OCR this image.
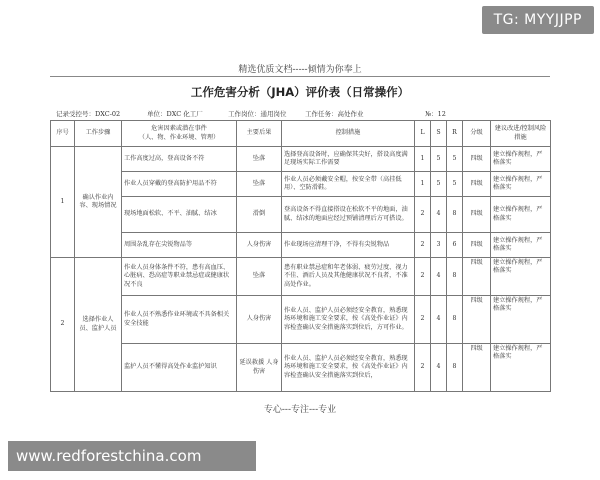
TG: MYYJJPP
精选优质文档-----倾情为你奉上
工作危害分析（JHA）评价表（日常操作）
记录受控号：DXC-02	单位：DXC 化工厂	工作岗位：通用岗位	工作任务：高处作业	№：12
序号	工作步骤	危害因素或潜在事件
（人、物、作业环境、管理）	主要后果	控制措施	L	S	R	分级	建议改进/控制风险措施
1	确认作业内容、现场情况	工作高度过高，登高设备不符	坠落	选择登高设备时，应确保其尖好，搭设高度满足现场实际工作需要	1	5	5	四级	建立操作规程，严格落实
		作业人员穿戴的登高防护用品不符	坠落	作业人员必须戴安全帽，按安全带（高挂低用）、空防滑鞋。	1	5	5	四级	建立操作规程，严格落实
		现场地面松软、不平、油腻、结冰	滑倒	登高设备不得直接搭设在松软不平的地面，油腻、结冰的地面应经过预铺清理后方可搭设。	2	4	8	四级	建立操作规程，严格落实
		周围杂乱存在尖锐物品等	人身伤害	作业现场应清理干净，不得有尖锐物品	2	3	6	四级	建立操作规程，严格落实
2	选择作业人员、监护人员	作业人员身体条件不符，患有高血压、心脏病、恐高症等职业禁忌症或健康状况不良	坠落	患有职业禁忌症和年老体弱、疲劳过度、视力不佳、酒后人员及其他健康状况不良者，不准高处作业。	2	4	8	四级	建立操作规程，严格落实
		作业人员不熟悉作业环境或不具备相关安全技能	人身伤害	作业人员、监护人员必须经安全教育，熟悉现场环境和施工安全要求，按《高处作业证》内容检查确认安全措施落实到位后，方可作业。	2	4	8	四级	建立操作规程，严格落实
		监护人员不懂得高处作业监护知识	延误救援 人身伤害	作业人员、监护人员必须经安全教育，熟悉现场环境和施工安全要求，按《高处作业证》内容检查确认安全措施落实到位后，	2	4	8	四级	建立操作规程，严格落实
专心---专注---专业
www.redforestchina.com
